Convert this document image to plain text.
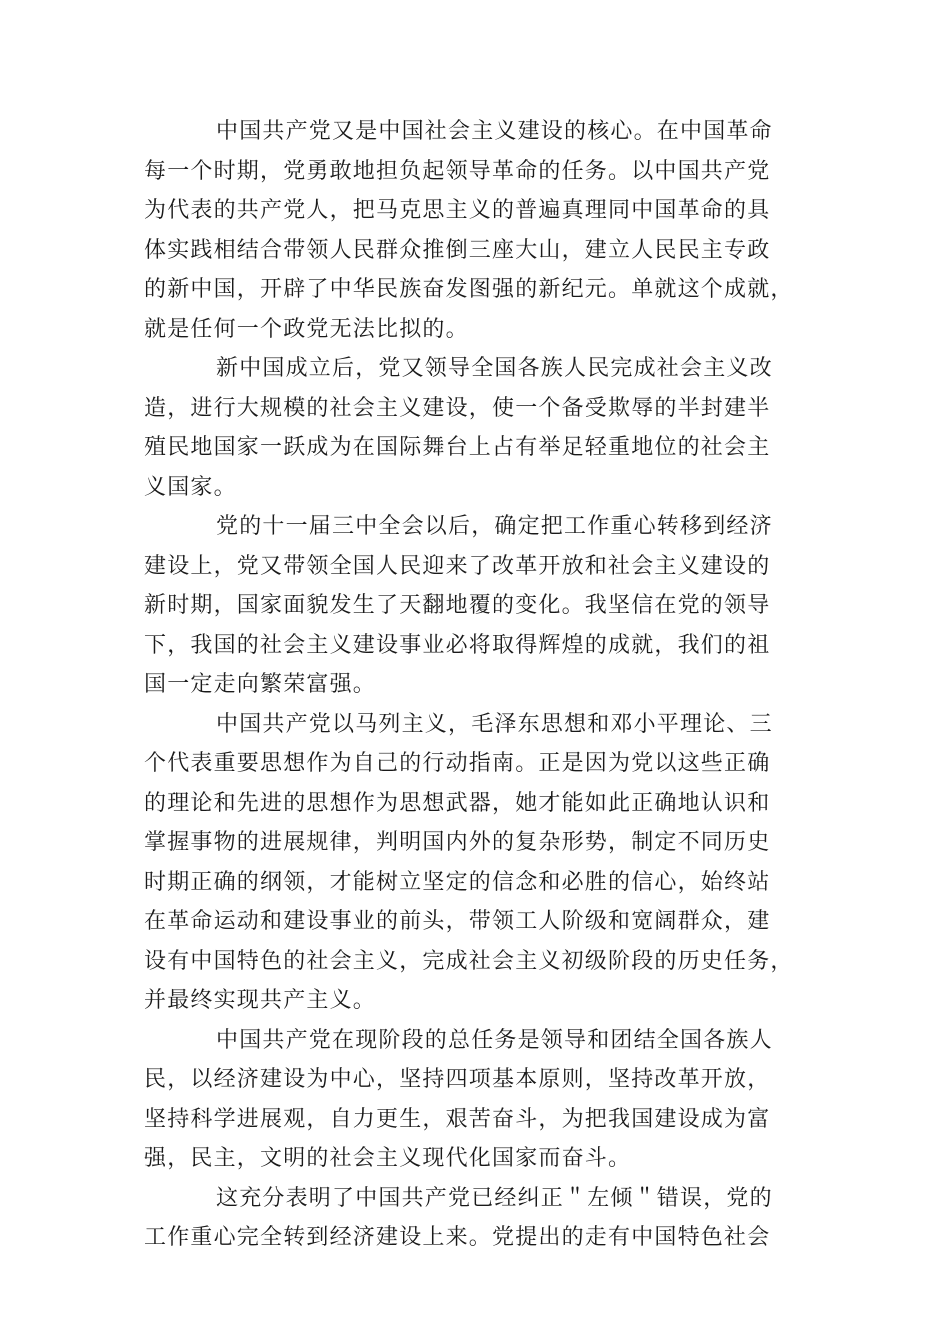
中国共产党又是中国社会主义建设的核心。在中国革命
每一个时期，党勇敢地担负起领导革命的任务。以中国共产党
为代表的共产党人，把马克思主义的普遍真理同中国革命的具
体实践相结合带领人民群众推倒三座大山，建立人民民主专政
的新中国，开辟了中华民族奋发图强的新纪元。单就这个成就，
就是任何一个政党无法比拟的。

新中国成立后，党又领导全国各族人民完成社会主义改
造，进行大规模的社会主义建设，使一个备受欺辱的半封建半
殖民地国家一跃成为在国际舞台上占有举足轻重地位的社会主
义国家。

党的十一届三中全会以后，确定把工作重心转移到经济
建设上，党又带领全国人民迎来了改革开放和社会主义建设的
新时期，国家面貌发生了天翻地覆的变化。我坚信在党的领导
下，我国的社会主义建设事业必将取得辉煌的成就，我们的祖
国一定走向繁荣富强。

中国共产党以马列主义，毛泽东思想和邓小平理论、三
个代表重要思想作为自己的行动指南。正是因为党以这些正确
的理论和先进的思想作为思想武器，她才能如此正确地认识和
掌握事物的进展规律，判明国内外的复杂形势，制定不同历史
时期正确的纲领，才能树立坚定的信念和必胜的信心，始终站
在革命运动和建设事业的前头，带领工人阶级和宽阔群众，建
设有中国特色的社会主义，完成社会主义初级阶段的历史任务，
并最终实现共产主义。

中国共产党在现阶段的总任务是领导和团结全国各族人
民，以经济建设为中心，坚持四项基本原则，坚持改革开放，
坚持科学进展观，自力更生，艰苦奋斗，为把我国建设成为富
强，民主，文明的社会主义现代化国家而奋斗。

这充分表明了中国共产党已经纠正＂左倾＂错误，党的
工作重心完全转到经济建设上来。党提出的走有中国特色社会
